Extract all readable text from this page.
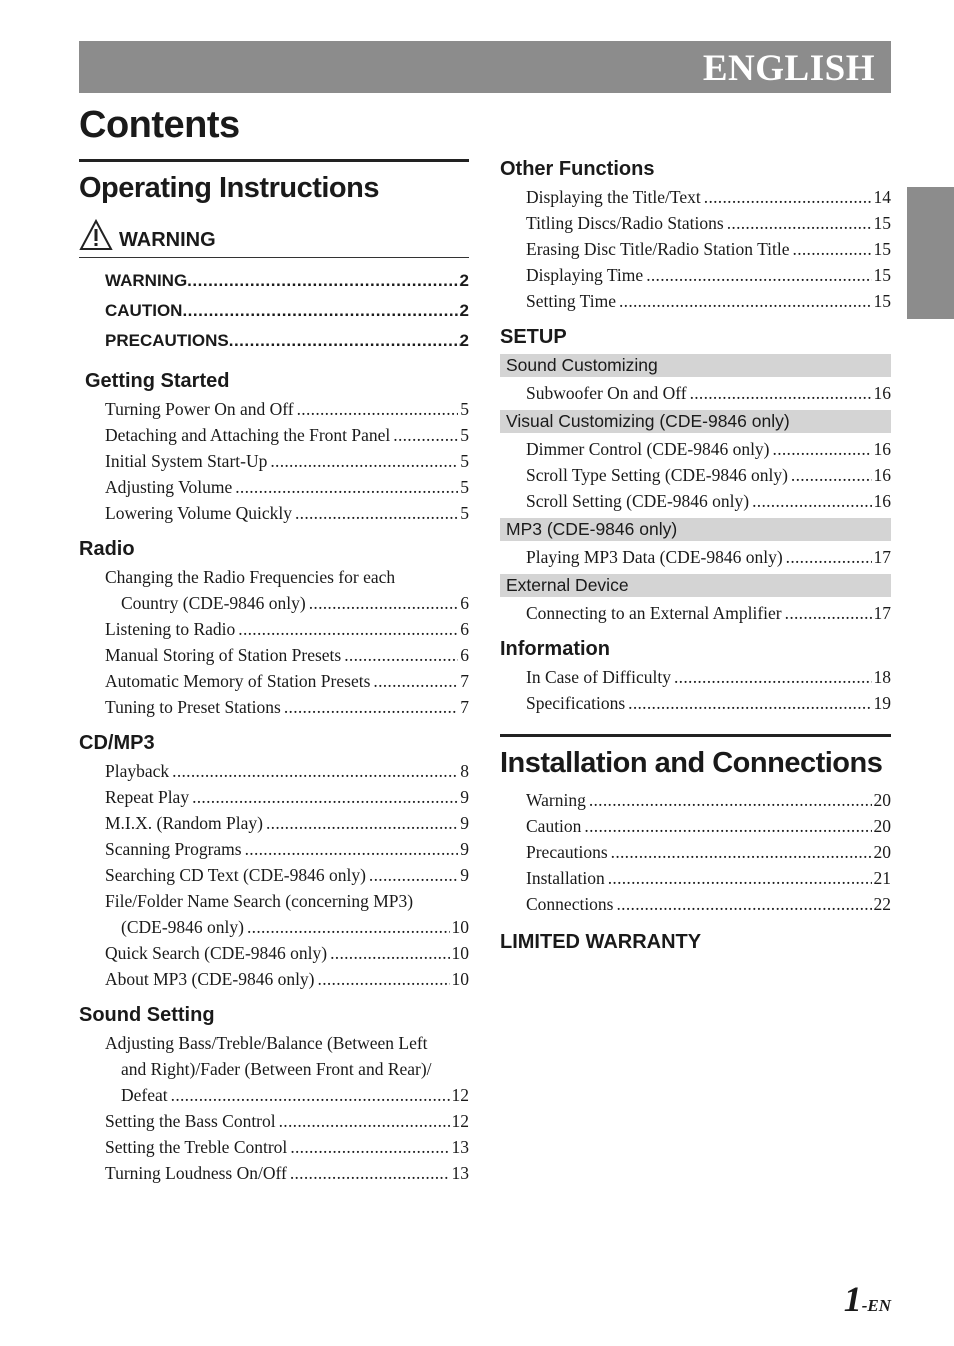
ENGLISH
Contents
Operating Instructions
WARNING
WARNING .....	2
CAUTION .....	2
PRECAUTIONS .....	2
Getting Started
Turning Power On and Off .....	5
Detaching and Attaching the Front Panel .....	5
Initial System Start-Up .....	5
Adjusting Volume .....	5
Lowering Volume Quickly .....	5
Radio
Changing the Radio Frequencies for each
Country (CDE-9846 only) .....	6
Listening to Radio .....	6
Manual Storing of Station Presets .....	6
Automatic Memory of Station Presets .....	7
Tuning to Preset Stations .....	7
CD/MP3
Playback .....	8
Repeat Play .....	9
M.I.X. (Random Play) .....	9
Scanning Programs .....	9
Searching CD Text (CDE-9846 only) .....	9
File/Folder Name Search (concerning MP3)
(CDE-9846 only) .....	10
Quick Search (CDE-9846 only) .....	10
About MP3 (CDE-9846 only) .....	10
Sound Setting
Adjusting Bass/Treble/Balance (Between Left
and Right)/Fader (Between Front and Rear)/
Defeat .....	12
Setting the Bass Control .....	12
Setting the Treble Control .....	13
Turning Loudness On/Off .....	13
Other Functions
Displaying the Title/Text .....	14
Titling Discs/Radio Stations .....	15
Erasing Disc Title/Radio Station Title .....	15
Displaying Time .....	15
Setting Time .....	15
SETUP
Sound Customizing
Subwoofer On and Off .....	16
Visual Customizing (CDE-9846 only)
Dimmer Control (CDE-9846 only) .....	16
Scroll Type Setting (CDE-9846 only) .....	16
Scroll Setting (CDE-9846 only) .....	16
MP3 (CDE-9846 only)
Playing MP3 Data (CDE-9846 only) .....	17
External Device
Connecting to an External Amplifier .....	17
Information
In Case of Difficulty .....	18
Specifications .....	19
Installation and Connections
Warning .....	20
Caution .....	20
Precautions .....	20
Installation .....	21
Connections .....	22
LIMITED WARRANTY
1-EN
